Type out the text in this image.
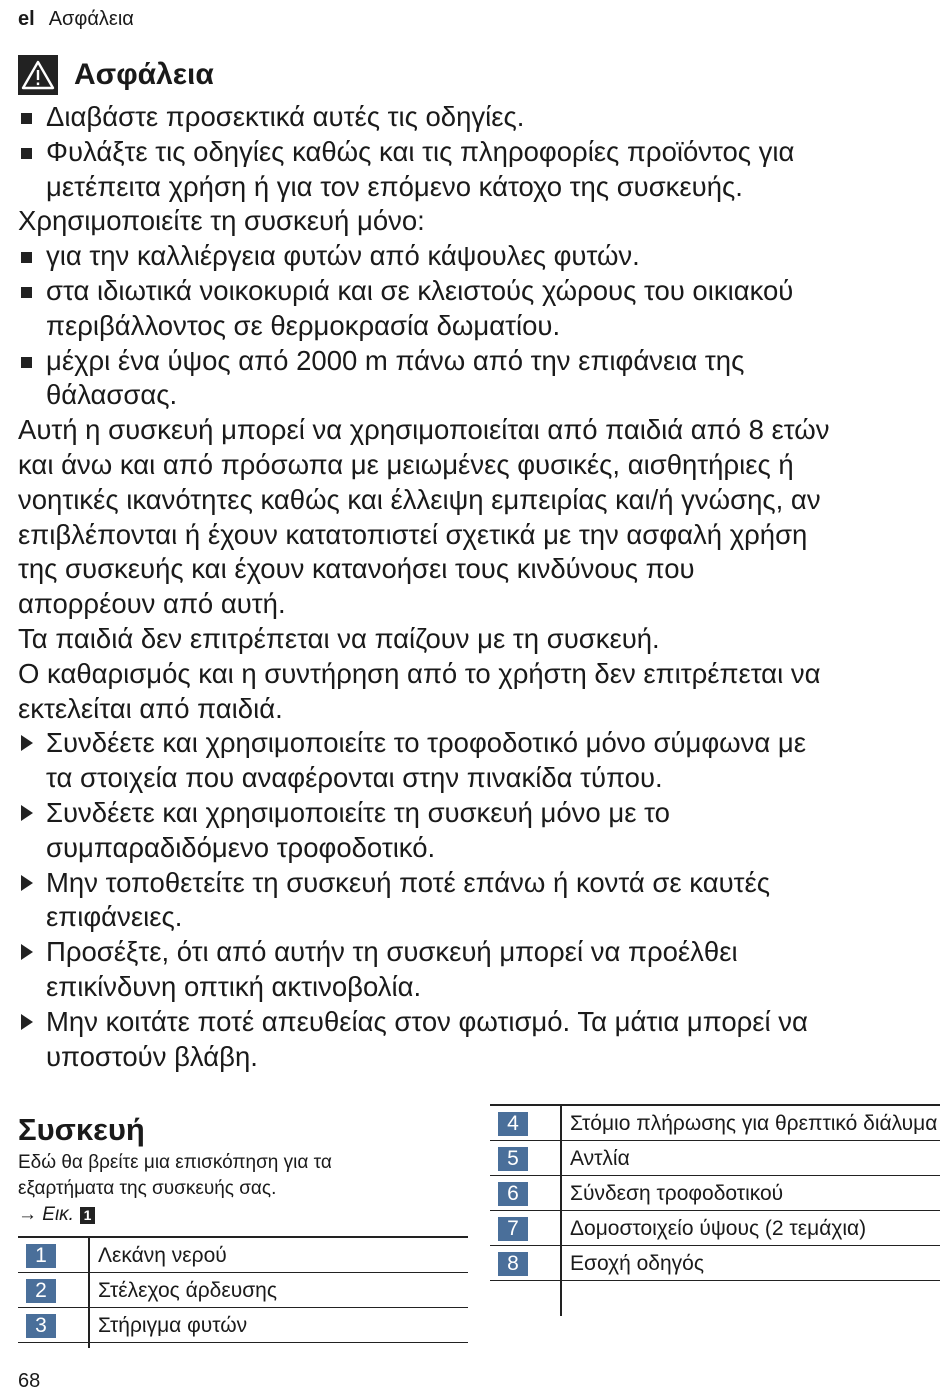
el Ασφάλεια
Ασφάλεια
Διαβάστε προσεκτικά αυτές τις οδηγίες.
Φυλάξτε τις οδηγίες καθώς και τις πληροφορίες προϊόντος για
μετέπειτα χρήση ή για τον επόμενο κάτοχο της συσκευής.
Χρησιμοποιείτε τη συσκευή μόνο:
για την καλλιέργεια φυτών από κάψουλες φυτών.
στα ιδιωτικά νοικοκυριά και σε κλειστούς χώρους του οικιακού
περιβάλλοντος σε θερμοκρασία δωματίου.
μέχρι ένα ύψος από 2000 m πάνω από την επιφάνεια της
θάλασσας.
Αυτή η συσκευή μπορεί να χρησιμοποιείται από παιδιά από 8 ετών
και άνω και από πρόσωπα με μειωμένες φυσικές, αισθητήριες ή
νοητικές ικανότητες καθώς και έλλειψη εμπειρίας και/ή γνώσης, αν
επιβλέπονται ή έχουν κατατοπιστεί σχετικά με την ασφαλή χρήση
της συσκευής και έχουν κατανοήσει τους κινδύνους που
απορρέουν από αυτή.
Τα παιδιά δεν επιτρέπεται να παίζουν με τη συσκευή.
Ο καθαρισμός και η συντήρηση από το χρήστη δεν επιτρέπεται να
εκτελείται από παιδιά.
Συνδέετε και χρησιμοποιείτε το τροφοδοτικό μόνο σύμφωνα με
τα στοιχεία που αναφέρονται στην πινακίδα τύπου.
Συνδέετε και χρησιμοποιείτε τη συσκευή μόνο με το
συμπαραδιδόμενο τροφοδοτικό.
Μην τοποθετείτε τη συσκευή ποτέ επάνω ή κοντά σε καυτές
επιφάνειες.
Προσέξτε, ότι από αυτήν τη συσκευή μπορεί να προέλθει
επικίνδυνη οπτική ακτινοβολία.
Μην κοιτάτε ποτέ απευθείας στον φωτισμό. Τα μάτια μπορεί να
υποστούν βλάβη.
Συσκευή
Εδώ θα βρείτε μια επισκόπηση για τα
εξαρτήματα της συσκευής σας.
→
Εικ. 1
1	Λεκάνη νερού
2	Στέλεχος άρδευσης
3	Στήριγμα φυτών
4	Στόμιο πλήρωσης για θρεπτικό διάλυμα
5	Αντλία
6	Σύνδεση τροφοδοτικού
7	Δομοστοιχείο ύψους (2 τεμάχια)
8	Εσοχή οδηγός
68
